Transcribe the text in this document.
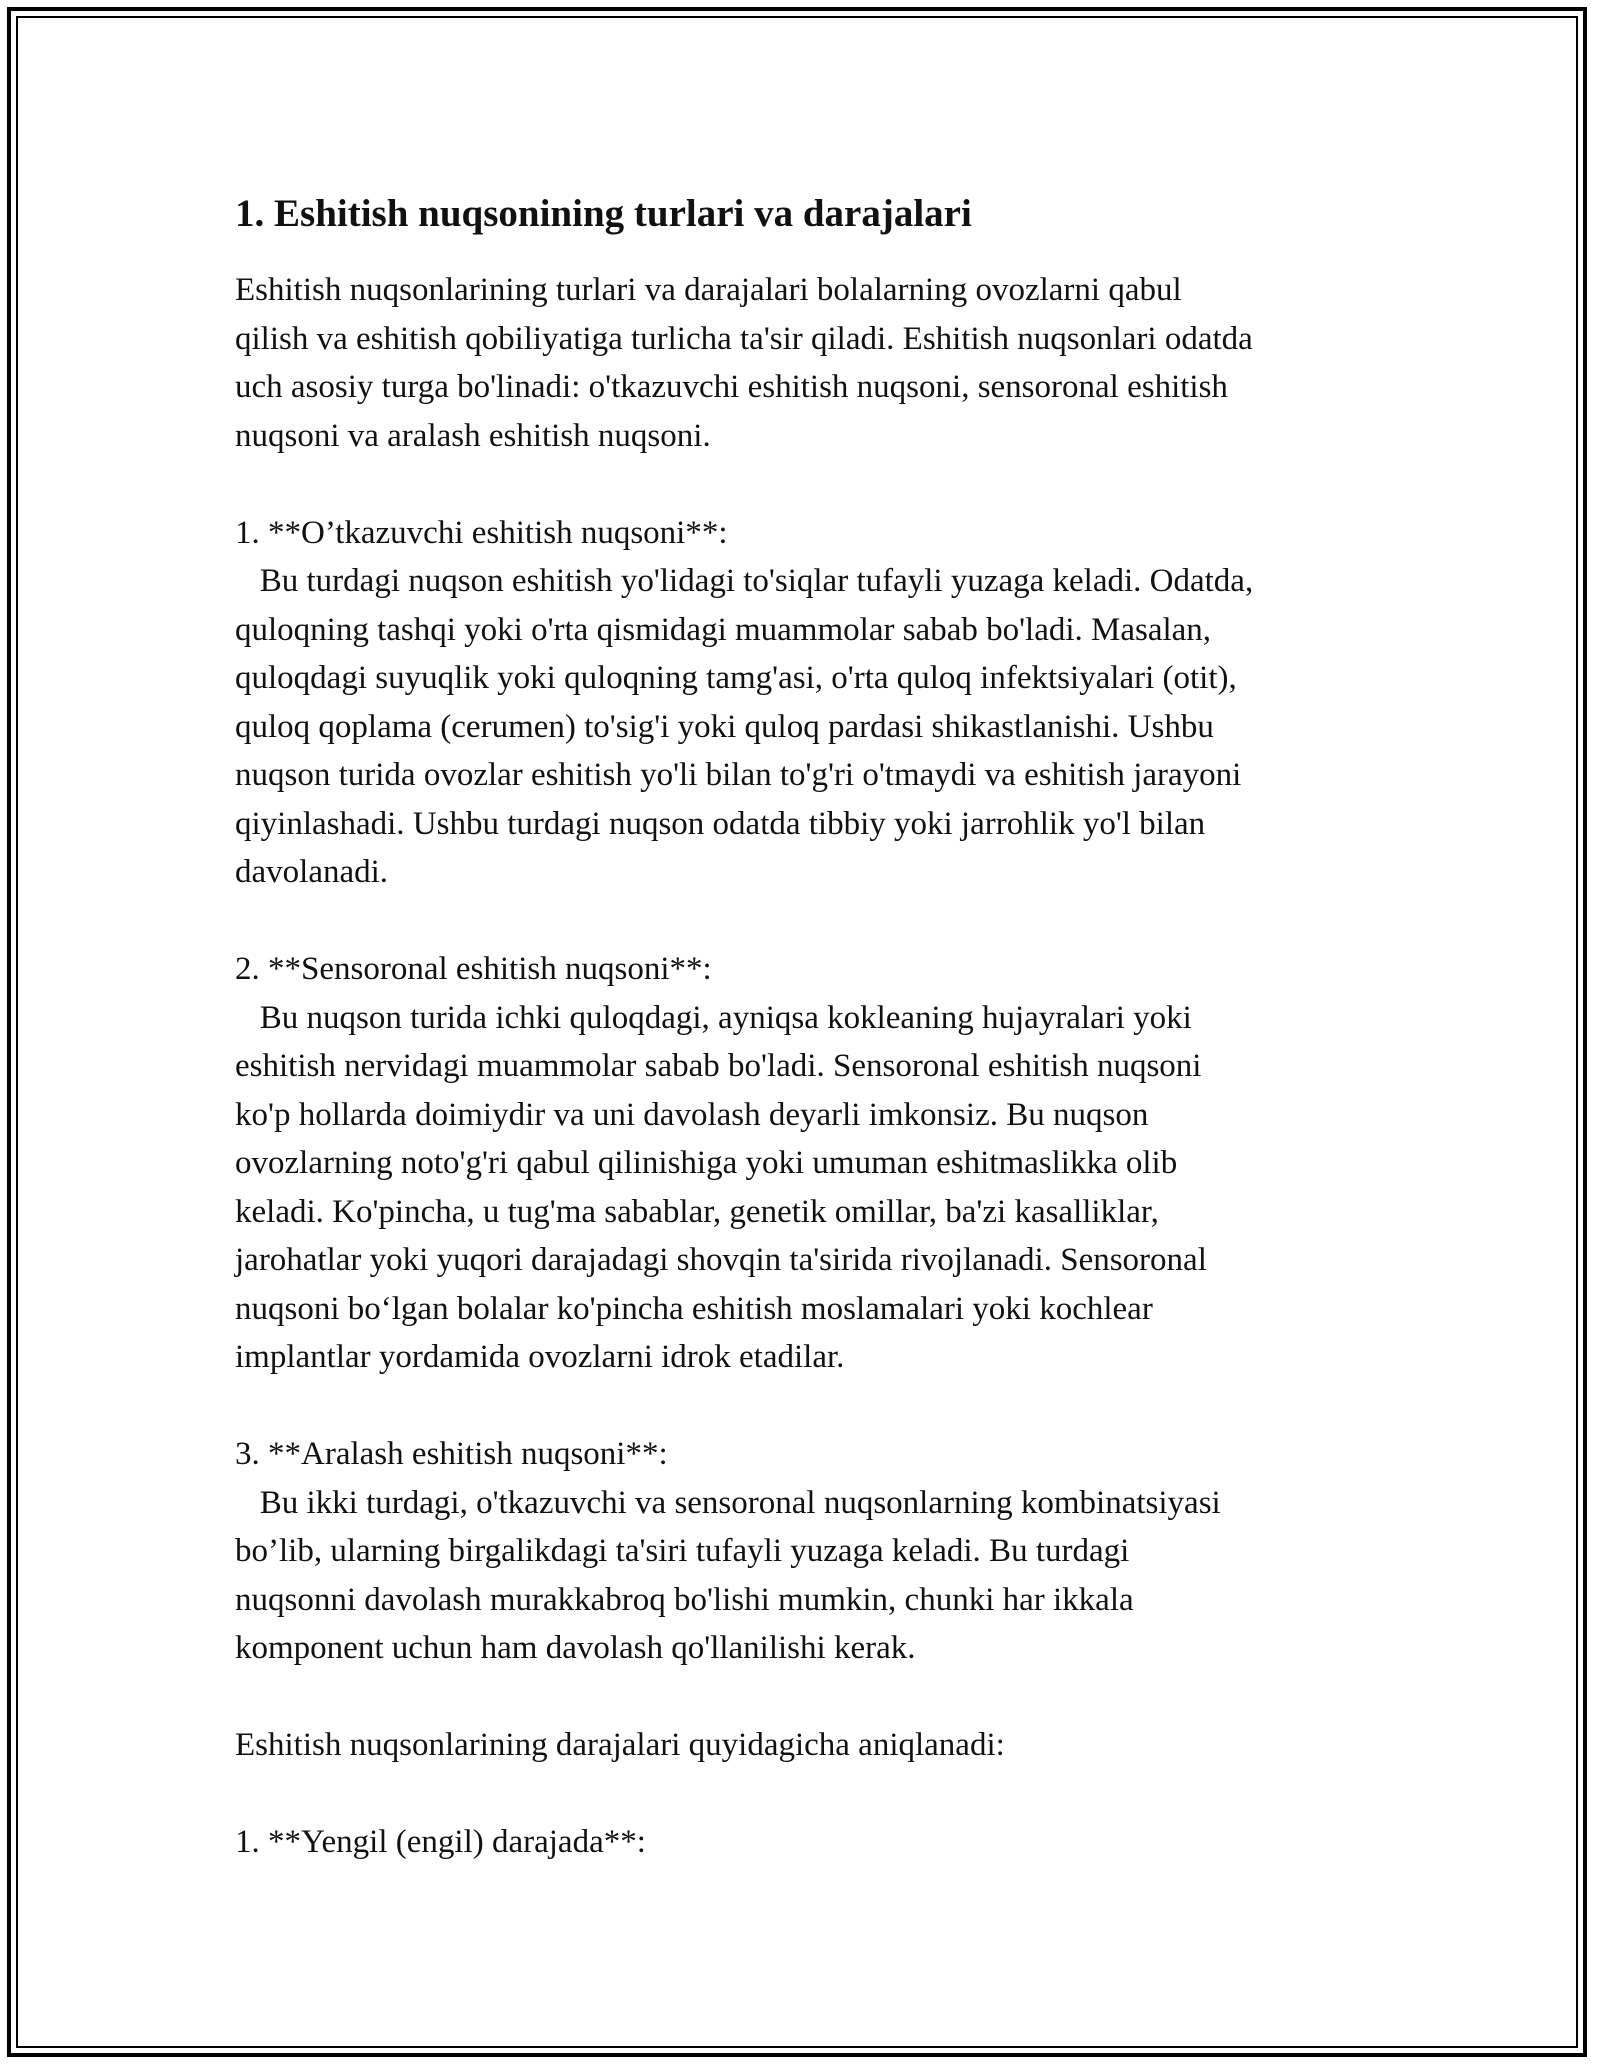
1. Eshitish nuqsonining turlari va darajalari

Eshitish nuqsonlarining turlari va darajalari bolalarning ovozlarni qabul
qilish va eshitish qobiliyatiga turlicha ta'sir qiladi. Eshitish nuqsonlari odatda
uch asosiy turga bo'linadi: o'tkazuvchi eshitish nuqsoni, sensoronal eshitish
nuqsoni va aralash eshitish nuqsoni.

1. **O’tkazuvchi eshitish nuqsoni**:

Bu turdagi nuqson eshitish yo'lidagi to'siqlar tufayli yuzaga keladi. Odatda,
quloqning tashqi yoki o'rta qismidagi muammolar sabab bo'ladi. Masalan,
quloqdagi suyuqlik yoki quloqning tamg'asi, o'rta quloq infektsiyalari (otit),
quloq qoplama (cerumen) to'sig'i yoki quloq pardasi shikastlanishi. Ushbu
nuqson turida ovozlar eshitish yo'li bilan to'g'ri o'tmaydi va eshitish jarayoni
qiyinlashadi. Ushbu turdagi nuqson odatda tibbiy yoki jarrohlik yo'l bilan
davolanadi.

2. **Sensoronal eshitish nuqsoni**:

Bu nuqson turida ichki quloqdagi, ayniqsa kokleaning hujayralari yoki
eshitish nervidagi muammolar sabab bo'ladi. Sensoronal eshitish nuqsoni
ko'p hollarda doimiydir va uni davolash deyarli imkonsiz. Bu nuqson
ovozlarning noto'g'ri qabul qilinishiga yoki umuman eshitmaslikka olib
keladi. Ko'pincha, u tug'ma sabablar, genetik omillar, ba'zi kasalliklar,
jarohatlar yoki yuqori darajadagi shovqin ta'sirida rivojlanadi. Sensoronal
nuqsoni bo‘lgan bolalar ko'pincha eshitish moslamalari yoki kochlear
implantlar yordamida ovozlarni idrok etadilar.

3. **Aralash eshitish nuqsoni**:

Bu ikki turdagi, o'tkazuvchi va sensoronal nuqsonlarning kombinatsiyasi
bo’lib, ularning birgalikdagi ta'siri tufayli yuzaga keladi. Bu turdagi
nuqsonni davolash murakkabroq bo'lishi mumkin, chunki har ikkala
komponent uchun ham davolash qo'llanilishi kerak.

Eshitish nuqsonlarining darajalari quyidagicha aniqlanadi:

1. **Yengil (engil) darajada**:
